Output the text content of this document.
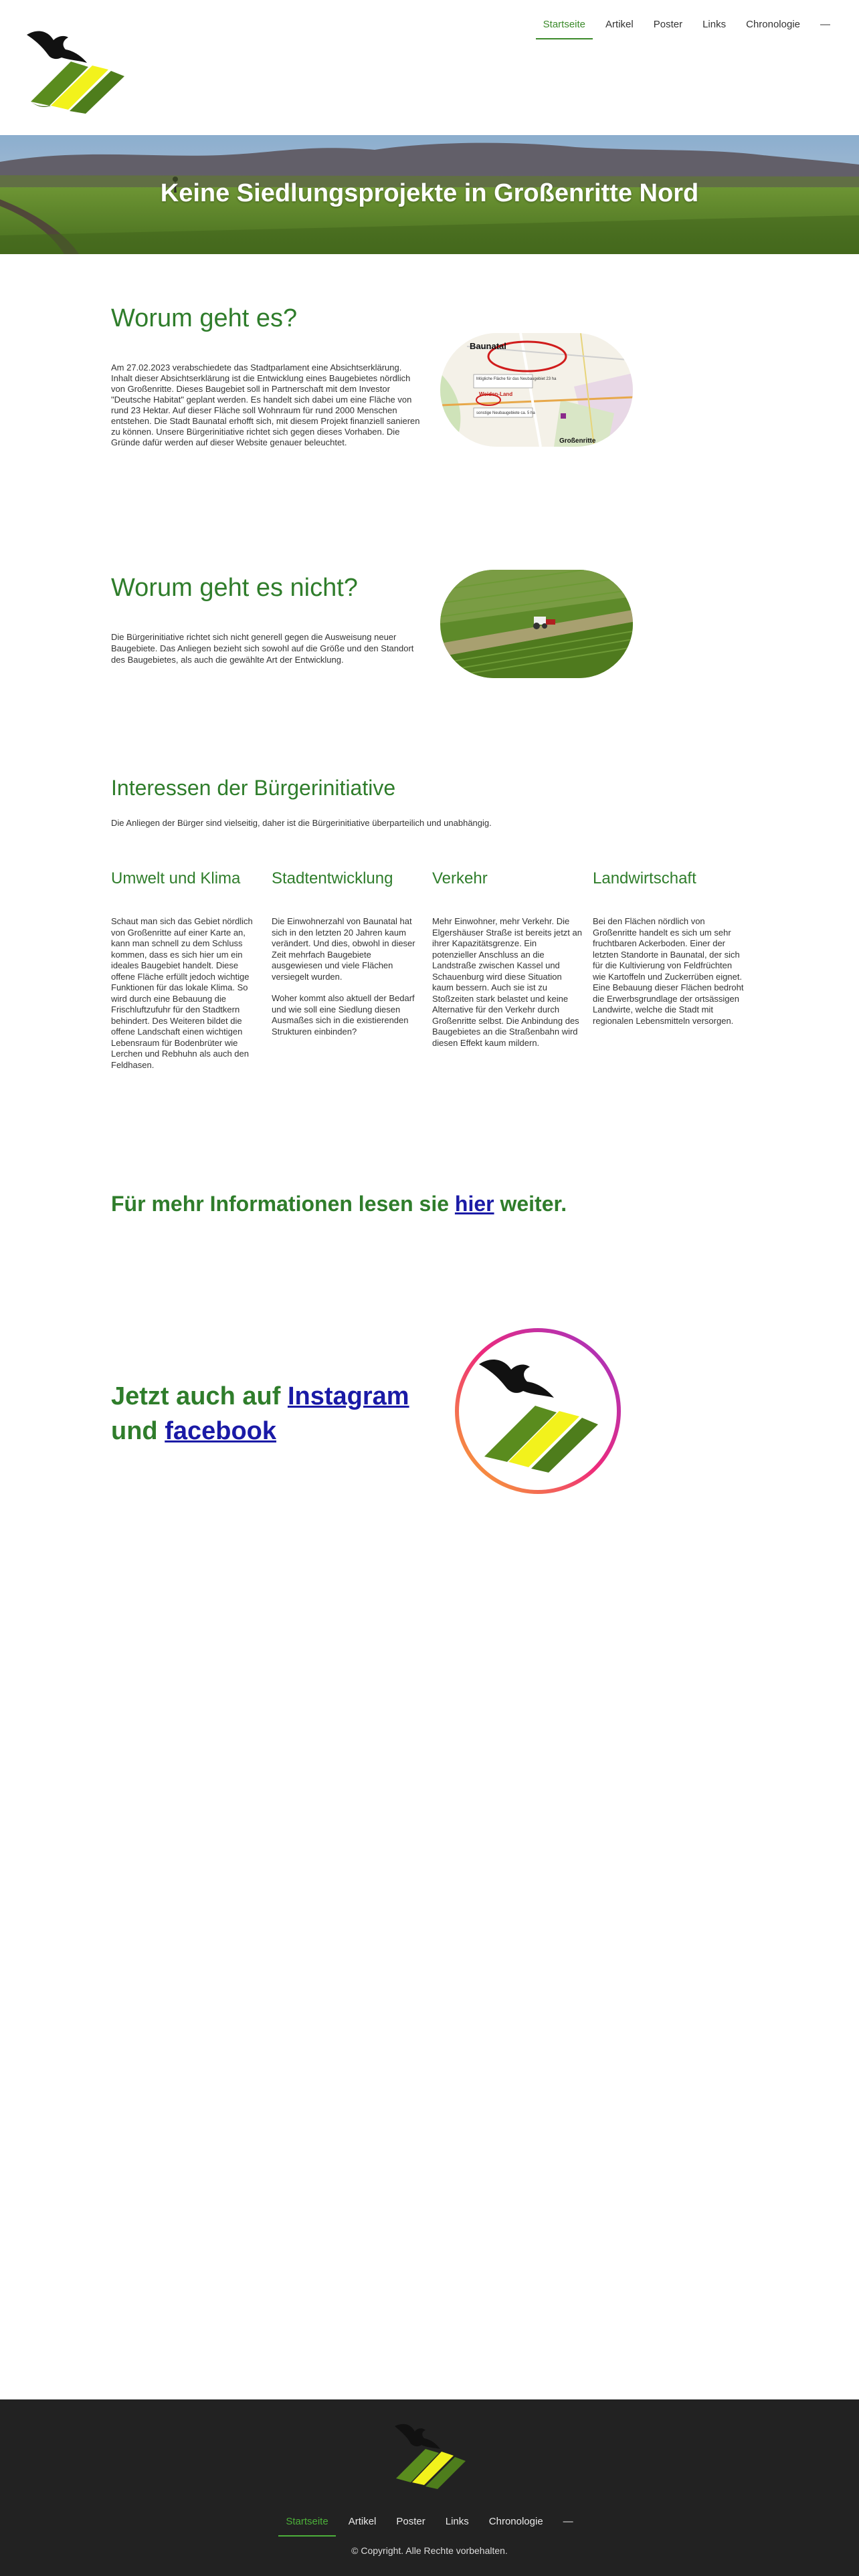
Startseite	Artikel	Poster	Links	Chronologie	—
Keine Siedlungsprojekte in Großenritte Nord
Worum geht es?

Am 27.02.2023 verabschiedete das Stadtparlament eine Absichtserklärung. Inhalt dieser Absichtserklärung ist die Entwicklung eines Baugebietes nördlich von Großenritte. Dieses Baugebiet soll in Partnerschaft mit dem Investor "Deutsche Habitat" geplant werden. Es handelt sich dabei um eine Fläche von rund 23 Hektar. Auf dieser Fläche soll Wohnraum für rund 2000 Menschen entstehen. Die Stadt Baunatal erhofft sich, mit diesem Projekt finanziell sanieren zu können. Unsere Bürgerinitiative richtet sich gegen dieses Vorhaben. Die Gründe dafür werden auf dieser Website genauer beleuchtet.

Mögliche Fläche für das Neubaugebiet 23 ha
sonstige Neubaugebiete ca. 5 ha
Baunatal
Weiden-Land
Großenritte
Worum geht es nicht?

Die Bürgerinitiative richtet sich nicht generell gegen die Ausweisung neuer Baugebiete. Das Anliegen bezieht sich sowohl auf die Größe und den Standort des Baugebietes, als auch die gewählte Art der Entwicklung.

Interessen der Bürgerinitiative

Die Anliegen der Bürger sind vielseitig, daher ist die Bürgerinitiative überparteilich und unabhängig.

Umwelt und Klima

Schaut man sich das Gebiet nördlich von Großenritte auf einer Karte an, kann man schnell zu dem Schluss kommen, dass es sich hier um ein ideales Baugebiet handelt. Diese offene Fläche erfüllt jedoch wichtige Funktionen für das lokale Klima. So wird durch eine Bebauung die Frischluftzufuhr für den Stadtkern behindert. Des Weiteren bildet die offene Landschaft einen wichtigen Lebensraum für Bodenbrüter wie Lerchen und Rebhuhn als auch den Feldhasen.

Stadtentwicklung

Die Einwohnerzahl von Baunatal hat sich in den letzten 20 Jahren kaum verändert. Und dies, obwohl in dieser Zeit mehrfach Baugebiete ausgewiesen und viele Flächen versiegelt wurden.

Woher kommt also aktuell der Bedarf und wie soll eine Siedlung diesen Ausmaßes sich in die existierenden Strukturen einbinden?

Verkehr

Mehr Einwohner, mehr Verkehr. Die Elgershäuser Straße ist bereits jetzt an ihrer Kapazitätsgrenze. Ein potenzieller Anschluss an die Landstraße zwischen Kassel und Schauenburg wird diese Situation kaum bessern. Auch sie ist zu Stoßzeiten stark belastet und keine Alternative für den Verkehr durch Großenritte selbst. Die Anbindung des Baugebietes an die Straßenbahn wird diesen Effekt kaum mildern.

Landwirtschaft

Bei den Flächen nördlich von Großenritte handelt es sich um sehr fruchtbaren Ackerboden. Einer der letzten Standorte in Baunatal, der sich für die Kultivierung von Feldfrüchten wie Kartoffeln und Zuckerrüben eignet. Eine Bebauung dieser Flächen bedroht die Erwerbsgrundlage der ortsässigen Landwirte, welche die Stadt mit regionalen Lebensmitteln versorgen.

Für mehr Informationen lesen sie hier weiter.
Jetzt auch auf Instagram
und facebook
Startseite	Artikel	Poster	Links	Chronologie	—
© Copyright. Alle Rechte vorbehalten.
